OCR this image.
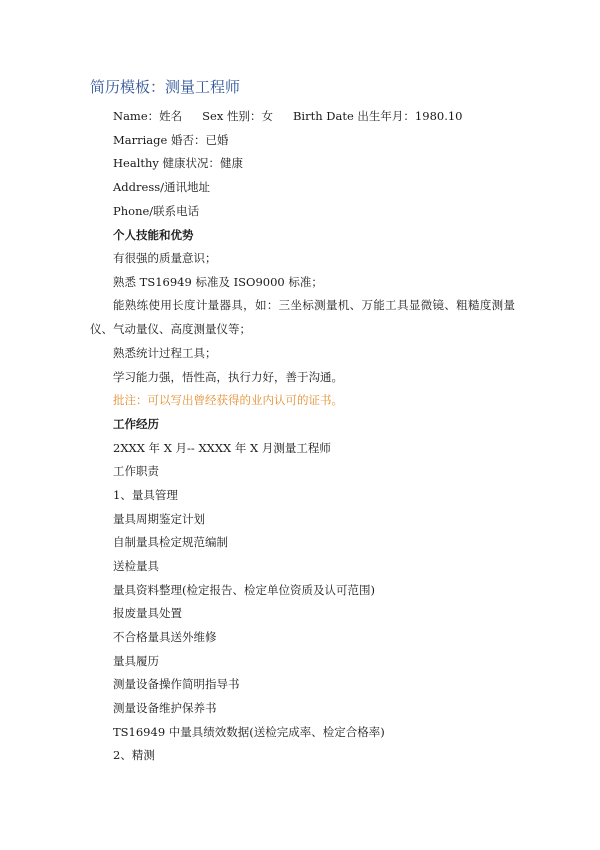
简历模板：测量工程师
Name：姓名 Sex 性别：女 Birth Date 出生年月：1980.10
Marriage 婚否：已婚
Healthy 健康状况：健康
Address/通讯地址
Phone/联系电话
个人技能和优势
有很强的质量意识；
熟悉 TS16949 标准及 ISO9000 标准；
能熟练使用长度计量器具，如：三坐标测量机、万能工具显微镜、粗糙度测量仪、气动量仪、高度测量仪等；
熟悉统计过程工具；
学习能力强，悟性高，执行力好，善于沟通。
批注：可以写出曾经获得的业内认可的证书。
工作经历
2XXX 年 X 月-- XXXX 年 X 月测量工程师
工作职责
1、量具管理
量具周期鉴定计划
自制量具检定规范编制
送检量具
量具资料整理(检定报告、检定单位资质及认可范围)
报废量具处置
不合格量具送外维修
量具履历
测量设备操作简明指导书
测量设备维护保养书
TS16949 中量具绩效数据(送检完成率、检定合格率)
2、精测
